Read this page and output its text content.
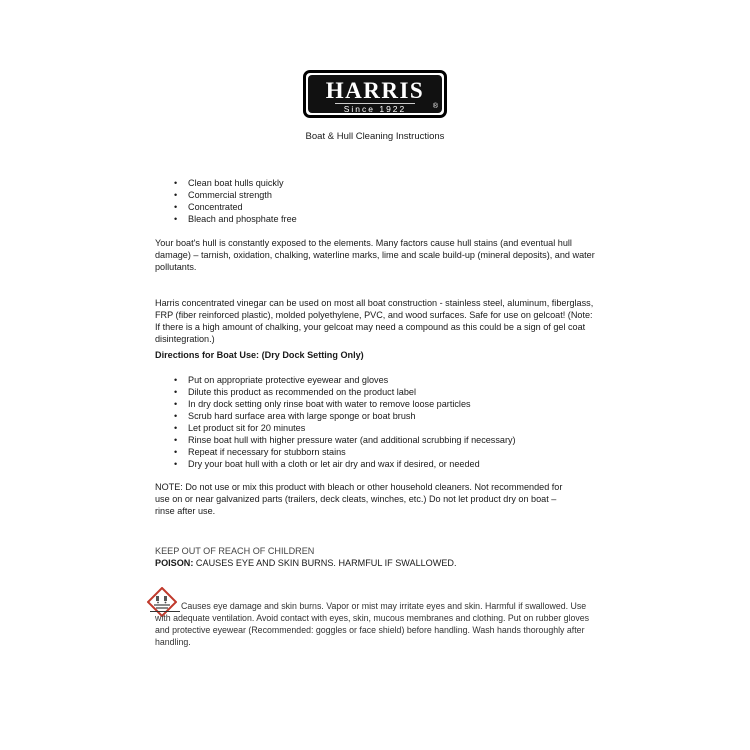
HARRIS
®
Since 1922
Boat & Hull Cleaning Instructions
• Clean boat hulls quickly
• Commercial strength
• Concentrated
• Bleach and phosphate free

Your boat's hull is constantly exposed to the elements. Many factors cause hull stains (and eventual hull damage) – tarnish, oxidation, chalking, waterline marks, lime and scale build-up (mineral deposits), and water pollutants.

Harris concentrated vinegar can be used on most all boat construction - stainless steel, aluminum, fiberglass, FRP (fiber reinforced plastic), molded polyethylene, PVC, and wood surfaces. Safe for use on gelcoat! (Note: If there is a high amount of chalking, your gelcoat may need a compound as this could be a sign of gel coat disintegration.)

Directions for Boat Use: (Dry Dock Setting Only)

• Put on appropriate protective eyewear and gloves
• Dilute this product as recommended on the product label
• In dry dock setting only rinse boat with water to remove loose particles
• Scrub hard surface area with large sponge or boat brush
• Let product sit for 20 minutes
• Rinse boat hull with higher pressure water (and additional scrubbing if necessary)
• Repeat if necessary for stubborn stains
• Dry your boat hull with a cloth or let air dry and wax if desired, or needed

NOTE: Do not use or mix this product with bleach or other household cleaners. Not recommended for use on or near galvanized parts (trailers, deck cleats, winches, etc.) Do not let product dry on boat – rinse after use.

KEEP OUT OF REACH OF CHILDREN

POISON: CAUSES EYE AND SKIN BURNS. HARMFUL IF SWALLOWED.

Causes eye damage and skin burns. Vapor or mist may irritate eyes and skin. Harmful if swallowed. Use with adequate ventilation. Avoid contact with eyes, skin, mucous membranes and clothing. Put on rubber gloves and protective eyewear (Recommended: goggles or face shield) before handling. Wash hands thoroughly after handling.
